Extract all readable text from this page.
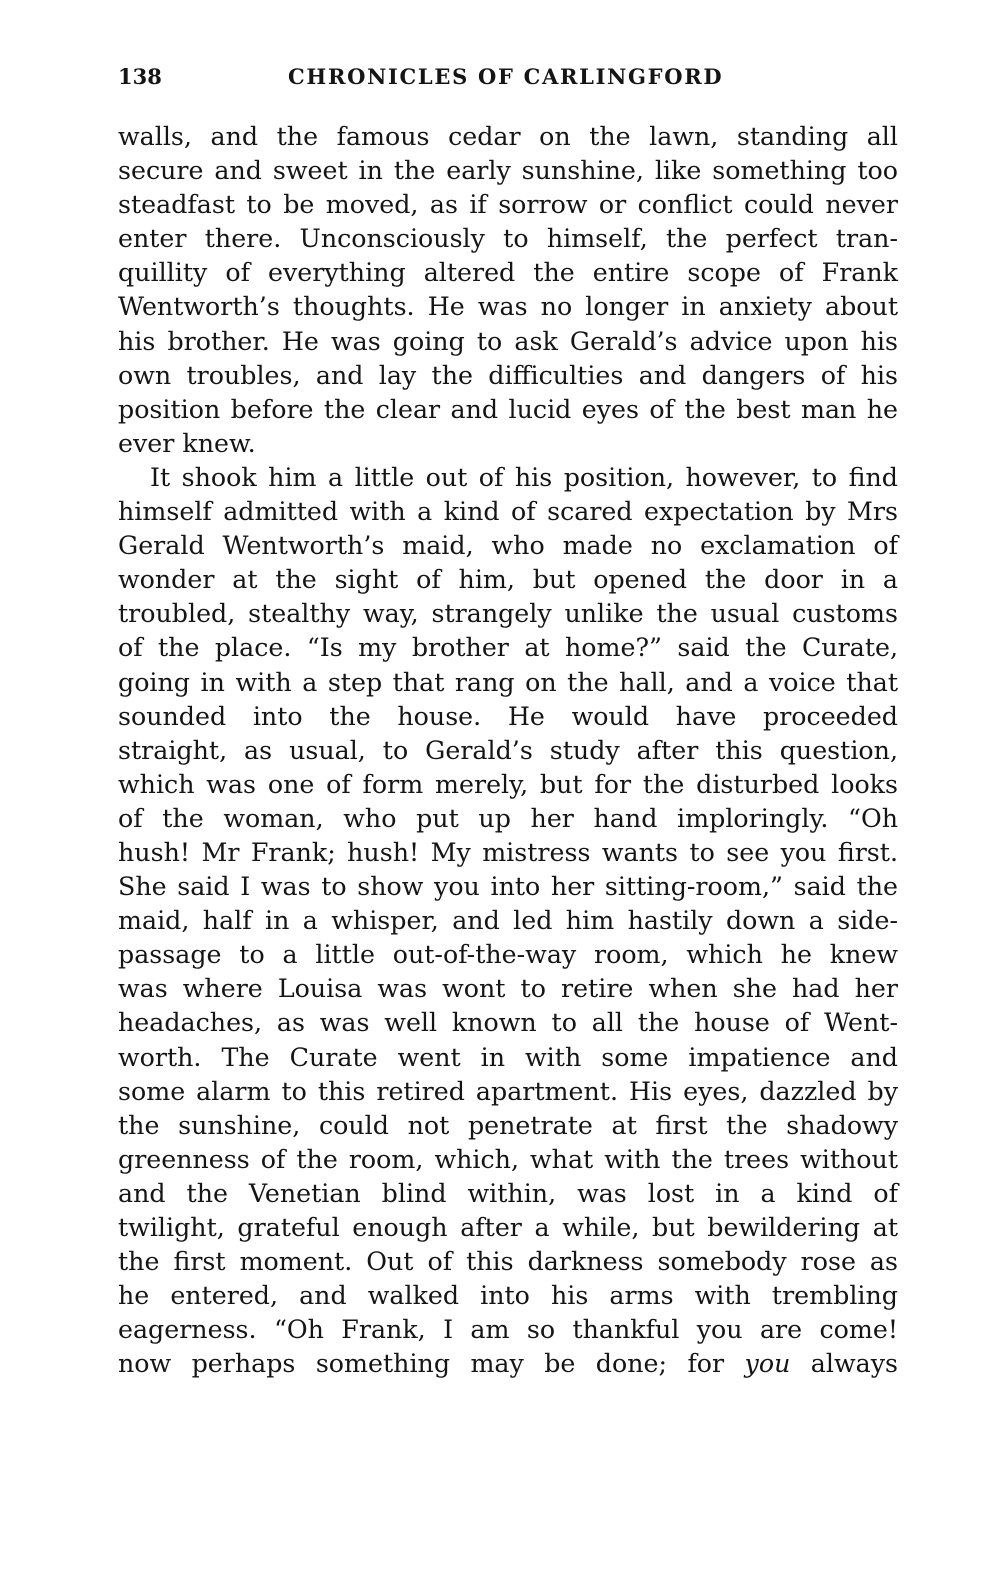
138	CHRONICLES OF CARLINGFORD
walls, and the famous cedar on the lawn, standing all
secure and sweet in the early sunshine, like something too
steadfast to be moved, as if sorrow or conflict could never
enter there. Unconsciously to himself, the perfect tran-
quillity of everything altered the entire scope of Frank
Wentworth’s thoughts. He was no longer in anxiety about
his brother. He was going to ask Gerald’s advice upon his
own troubles, and lay the difficulties and dangers of his
position before the clear and lucid eyes of the best man he
ever knew.
It shook him a little out of his position, however, to find
himself admitted with a kind of scared expectation by Mrs
Gerald Wentworth’s maid, who made no exclamation of
wonder at the sight of him, but opened the door in a
troubled, stealthy way, strangely unlike the usual customs
of the place. “Is my brother at home?” said the Curate,
going in with a step that rang on the hall, and a voice that
sounded into the house. He would have proceeded
straight, as usual, to Gerald’s study after this question,
which was one of form merely, but for the disturbed looks
of the woman, who put up her hand imploringly. “Oh
hush! Mr Frank; hush! My mistress wants to see you first.
She said I was to show you into her sitting-room,” said the
maid, half in a whisper, and led him hastily down a side-
passage to a little out-of-the-way room, which he knew
was where Louisa was wont to retire when she had her
headaches, as was well known to all the house of Went-
worth. The Curate went in with some impatience and
some alarm to this retired apartment. His eyes, dazzled by
the sunshine, could not penetrate at first the shadowy
greenness of the room, which, what with the trees without
and the Venetian blind within, was lost in a kind of
twilight, grateful enough after a while, but bewildering at
the first moment. Out of this darkness somebody rose as
he entered, and walked into his arms with trembling
eagerness. “Oh Frank, I am so thankful you are come!
now perhaps something may be done; for you always
